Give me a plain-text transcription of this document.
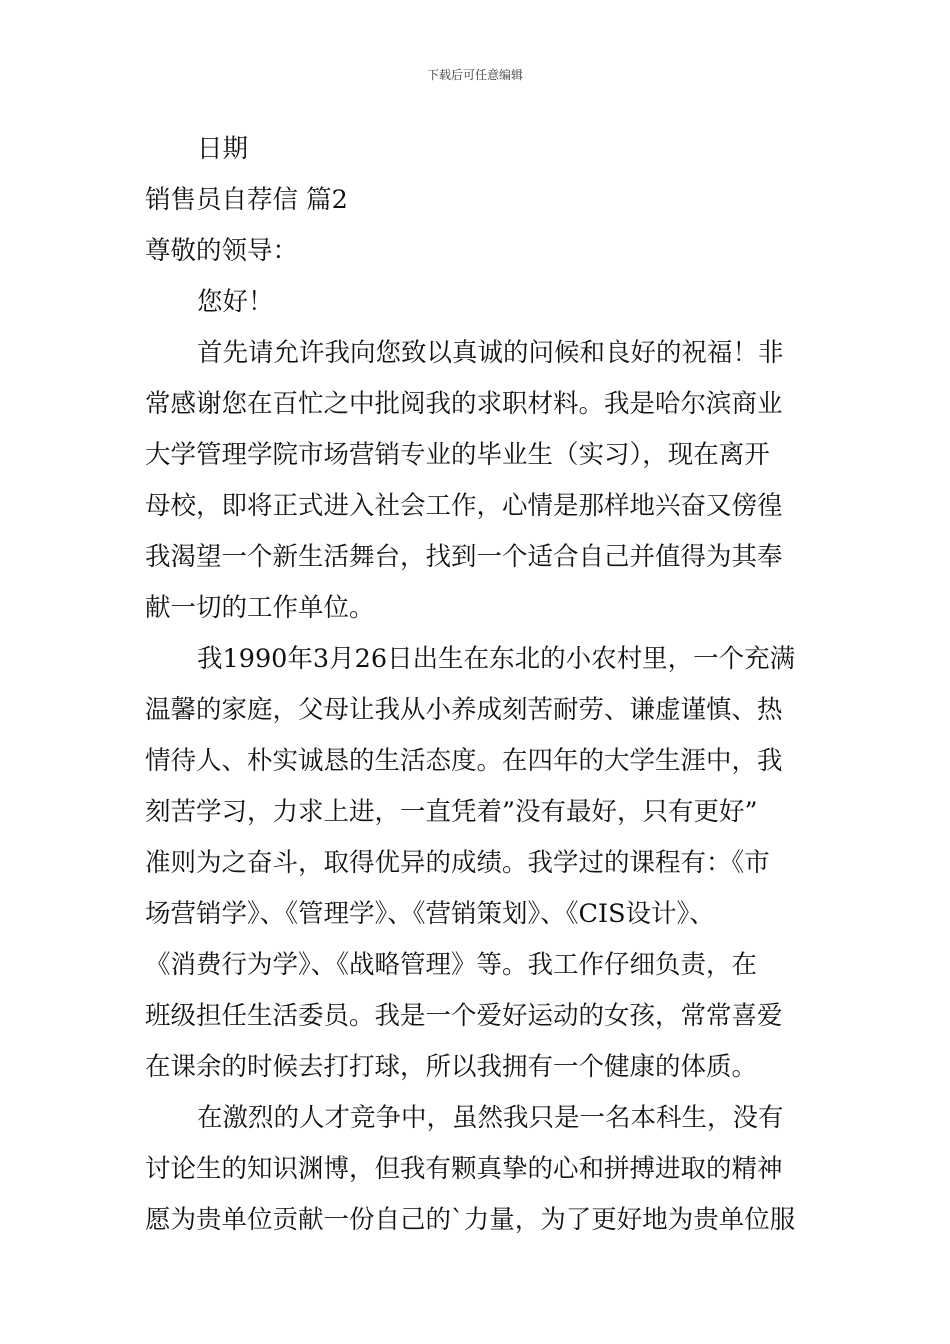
下载后可任意编辑
日期
销售员自荐信 篇2
尊敬的领导：
您好！
首先请允许我向您致以真诚的问候和良好的祝福！非
常感谢您在百忙之中批阅我的求职材料。我是哈尔滨商业
大学管理学院市场营销专业的毕业生（实习），现在离开
母校，即将正式进入社会工作，心情是那样地兴奋又傍徨
我渴望一个新生活舞台，找到一个适合自己并值得为其奉
献一切的工作单位。
我1990年3月26日出生在东北的小农村里，一个充满
温馨的家庭，父母让我从小养成刻苦耐劳、谦虚谨慎、热
情待人、朴实诚恳的生活态度。在四年的大学生涯中，我
刻苦学习，力求上进，一直凭着”没有最好，只有更好”
准则为之奋斗，取得优异的成绩。我学过的课程有：《市
场营销学》、《管理学》、《营销策划》、《CIS设计》、
《消费行为学》、《战略管理》等。我工作仔细负责，在
班级担任生活委员。我是一个爱好运动的女孩，常常喜爱
在课余的时候去打打球，所以我拥有一个健康的体质。
在激烈的人才竞争中，虽然我只是一名本科生，没有
讨论生的知识渊博，但我有颗真挚的心和拼搏进取的精神
愿为贵单位贡献一份自己的`力量，为了更好地为贵单位服
